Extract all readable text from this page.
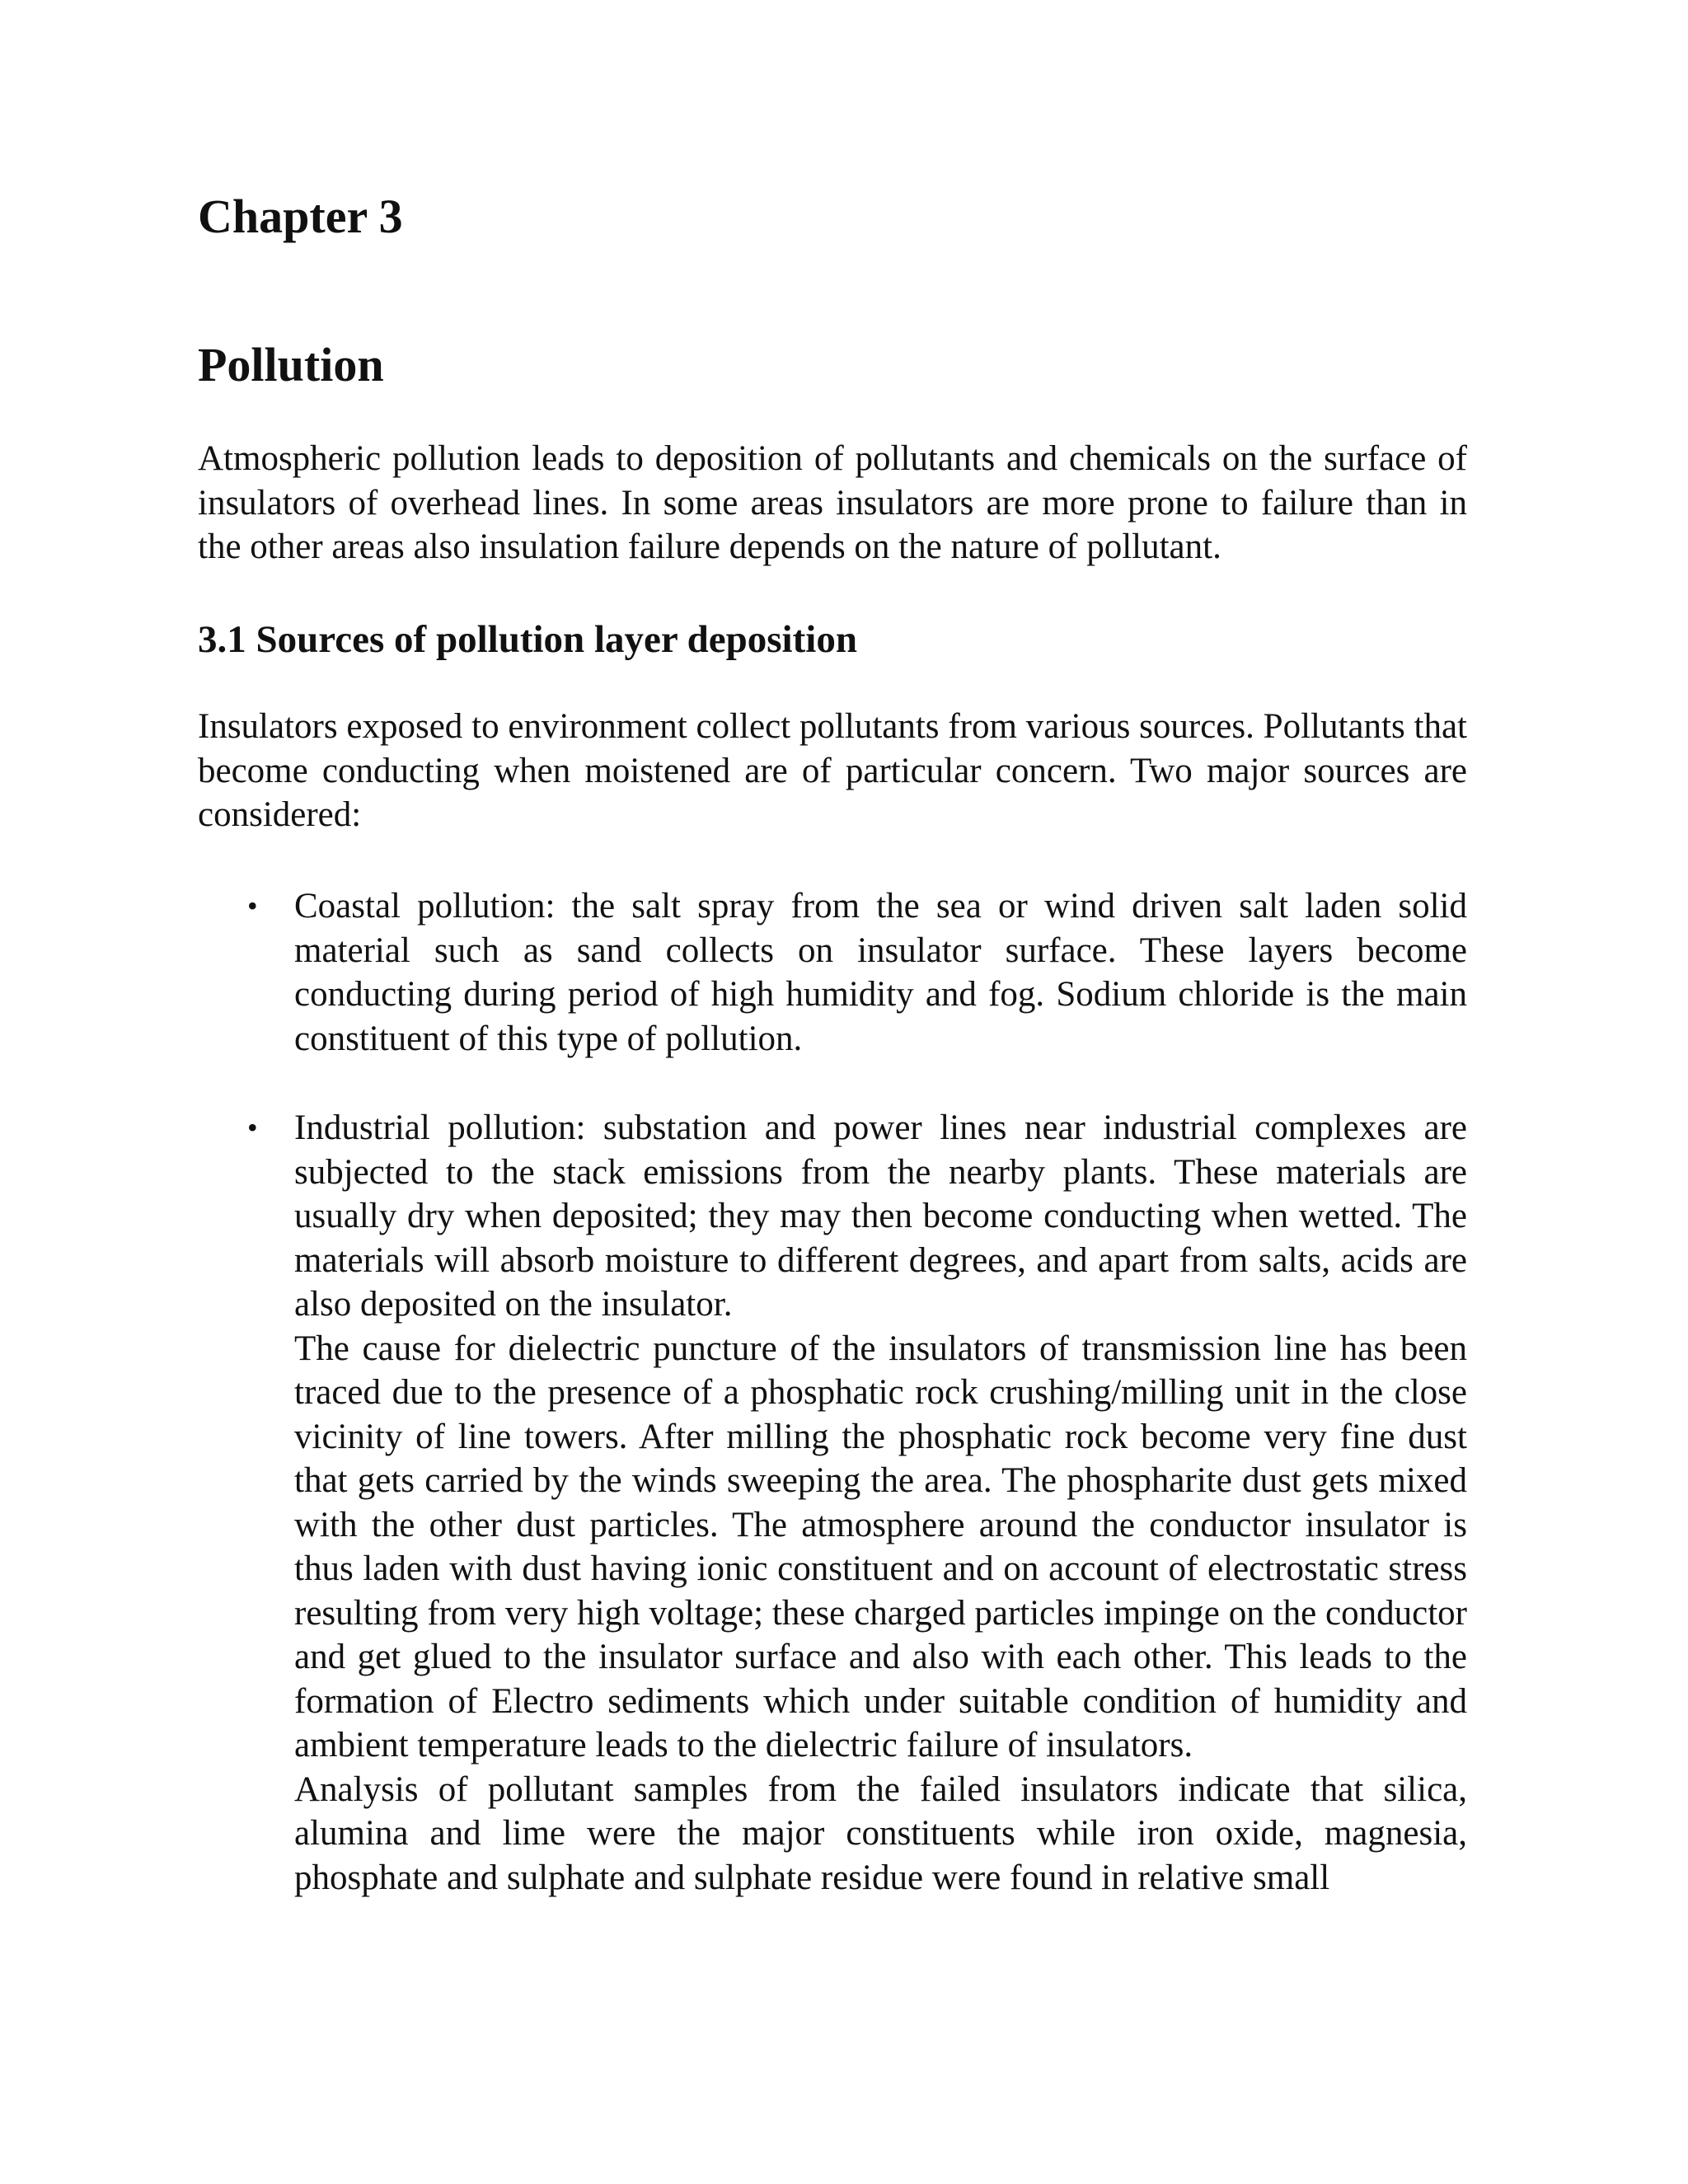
Chapter 3
Pollution
Atmospheric pollution leads to deposition of pollutants and chemicals on the surface of insulators of overhead lines. In some areas insulators are more prone to failure than in the other areas also insulation failure depends on the nature of pollutant.
3.1 Sources of pollution layer deposition
Insulators exposed to environment collect pollutants from various sources. Pollutants that become conducting when moistened are of particular concern. Two major sources are considered:
• Coastal pollution: the salt spray from the sea or wind driven salt laden solid material such as sand collects on insulator surface. These layers become conducting during period of high humidity and fog. Sodium chloride is the main constituent of this type of pollution.

• Industrial pollution: substation and power lines near industrial complexes are subjected to the stack emissions from the nearby plants. These materials are usually dry when deposited; they may then become conducting when wetted. The materials will absorb moisture to different degrees, and apart from salts, acids are also deposited on the insulator.

The cause for dielectric puncture of the insulators of transmission line has been traced due to the presence of a phosphatic rock crushing/milling unit in the close vicinity of line towers. After milling the phosphatic rock become very fine dust that gets carried by the winds sweeping the area. The phospharite dust gets mixed with the other dust particles. The atmosphere around the conductor insulator is thus laden with dust having ionic constituent and on account of electrostatic stress resulting from very high voltage; these charged particles impinge on the conductor and get glued to the insulator surface and also with each other. This leads to the formation of Electro sediments which under suitable condition of humidity and ambient temperature leads to the dielectric failure of insulators.

Analysis of pollutant samples from the failed insulators indicate that silica, alumina and lime were the major constituents while iron oxide, magnesia, phosphate and sulphate and sulphate residue were found in relative small
